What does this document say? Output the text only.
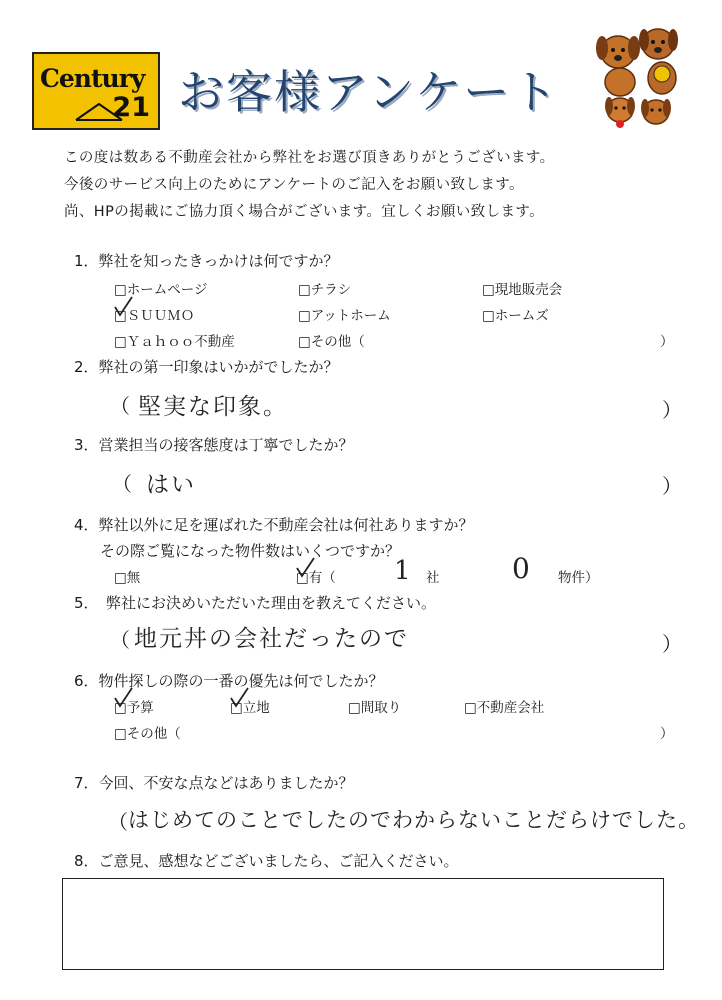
Century
21 お客様アンケート
この度は数ある不動産会社から弊社をお選び頂きありがとうございます。
今後のサービス向上のためにアンケートのご記入をお願い致します。
尚、HPの掲載にご協力頂く場合がございます。宜しくお願い致します。
1．弊社を知ったきっかけは何ですか？
□ホームページ	□チラシ	□現地販売会
□ＳＵＵＭＯ	□アットホーム	□ホームズ
□Ｙａｈｏｏ不動産	□その他（	）
2．弊社の第一印象はいかがでしたか？
（ 堅実な印象。	）
3．営業担当の接客態度は丁寧でしたか？
（ はい	）
4．弊社以外に足を運ばれた不動産会社は何社ありますか？
その際ご覧になった物件数はいくつですか？
□無	□有（ 1 社	0 物件）
5．　弊社にお決めいただいた理由を教えてください。
（ 地元丼の会社だったので	）
6．物件探しの際の一番の優先は何でしたか？
□予算	□立地	□間取り	□不動産会社
□その他（	）
7．今回、不安な点などはありましたか？
（ はじめてのことでしたのでわからないことだらけでした。
8．ご意見、感想などございましたら、ご記入ください。
